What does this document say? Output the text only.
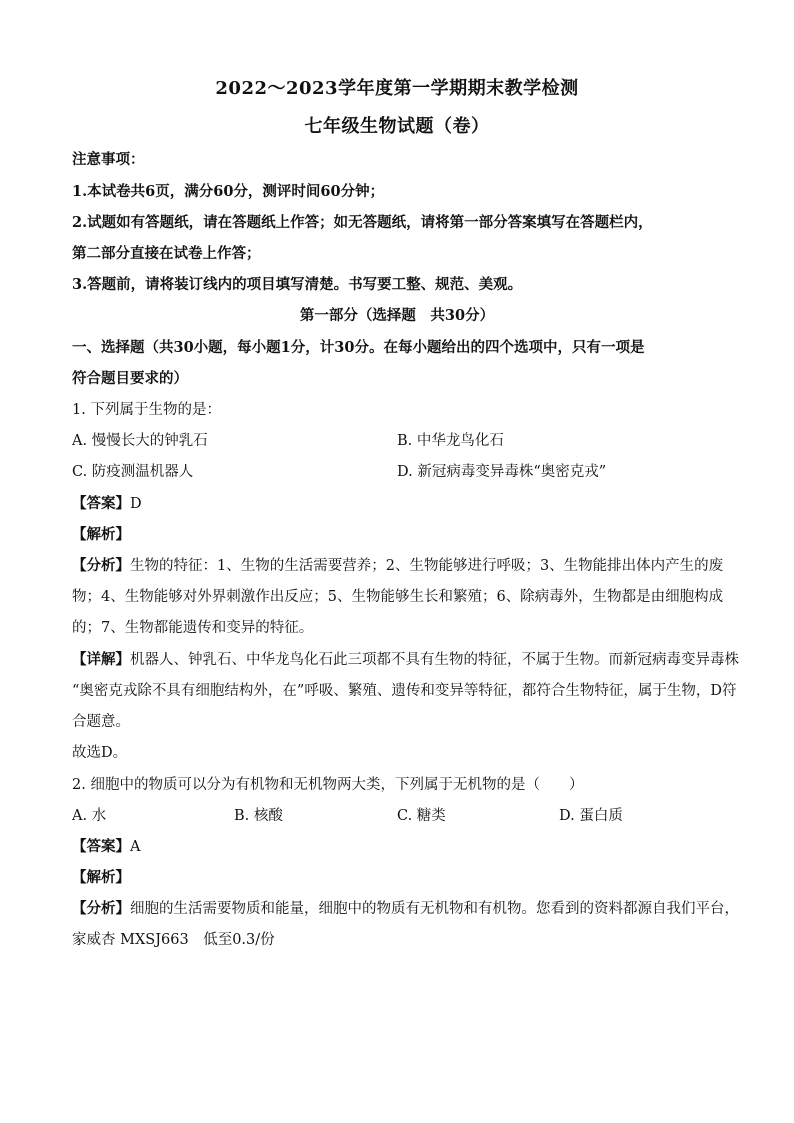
2022～2023学年度第一学期期末教学检测
七年级生物试题（卷）
注意事项：
1.本试卷共6页，满分60分，测评时间60分钟；
2.试题如有答题纸，请在答题纸上作答；如无答题纸，请将第一部分答案填写在答题栏内，
第二部分直接在试卷上作答；
3.答题前，请将装订线内的项目填写清楚。书写要工整、规范、美观。
第一部分（选择题　共30分）
一、选择题（共30小题，每小题1分，计30分。在每小题给出的四个选项中，只有一项是
符合题目要求的）
1. 下列属于生物的是：
A. 慢慢长大的钟乳石	B. 中华龙鸟化石
C. 防疫测温机器人	D. 新冠病毒变异毒株“奥密克戎”
【答案】D
【解析】
【分析】生物的特征：1、生物的生活需要营养；2、生物能够进行呼吸；3、生物能排出体内产生的废
物；4、生物能够对外界刺激作出反应；5、生物能够生长和繁殖；6、除病毒外，生物都是由细胞构成
的；7、生物都能遗传和变异的特征。
【详解】机器人、钟乳石、中华龙鸟化石此三项都不具有生物的特征，不属于生物。而新冠病毒变异毒株
“奥密克戎除不具有细胞结构外，在”呼吸、繁殖、遗传和变异等特征，都符合生物特征，属于生物，D符
合题意。
故选D。
2. 细胞中的物质可以分为有机物和无机物两大类，下列属于无机物的是（　　）
A. 水	B. 核酸	C. 糖类	D. 蛋白质
【答案】A
【解析】
【分析】细胞的生活需要物质和能量，细胞中的物质有无机物和有机物。您看到的资料都源自我们平台，
家威杏 MXSJ663　低至0.3/份
